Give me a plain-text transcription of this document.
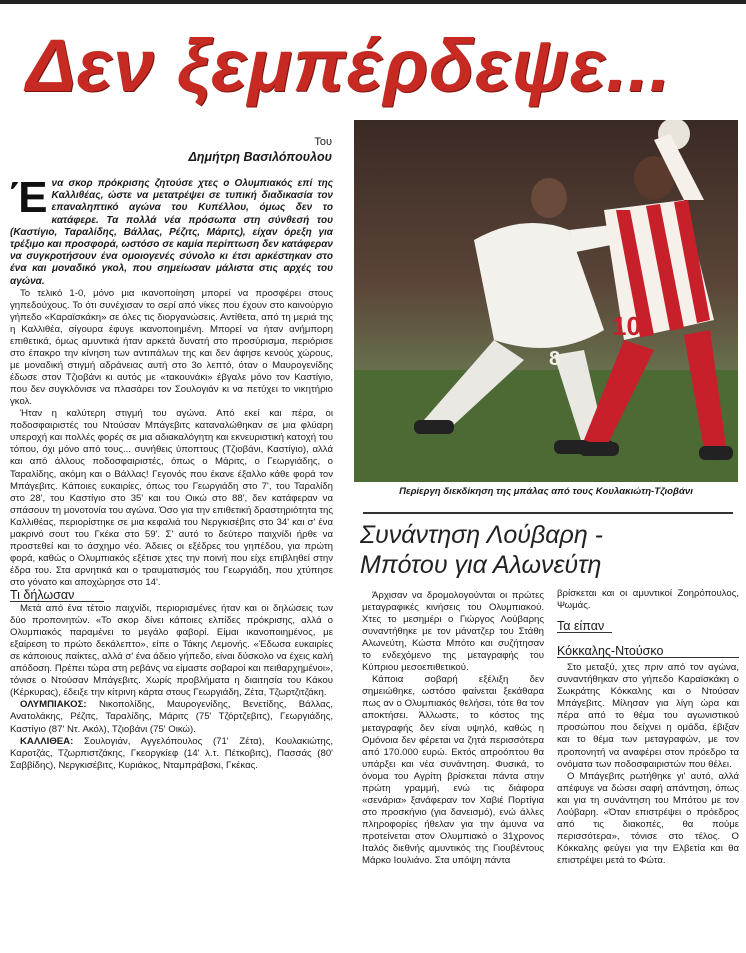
Δεν ξεμπέρδεψε...
Του
Δημήτρη Βασιλόπουλου

Ένα σκορ πρόκρισης ζητούσε χτες ο Ολυμπιακός επί της Καλλιθέας, ώστε να μετατρέψει σε τυπική διαδικασία τον επαναληπτικό αγώνα του Κυπέλλου, όμως δεν το κατάφερε. Τα πολλά νέα πρόσωπα στη σύνθεσή του (Καστίγιο, Ταραλίδης, Βάλλας, Ρέζιτς, Μάριτς), είχαν όρεξη για τρέξιμο και προσφορά, ωστόσο σε καμία περίπτωση δεν κατάφεραν να συγκροτήσουν ένα ομοιογενές σύνολο κι έτσι αρκέστηκαν στο ένα και μοναδικό γκολ, που σημείωσαν μάλιστα στις αρχές του αγώνα.

Το τελικό 1-0, μόνο μια ικανοποίηση μπορεί να προσφέρει στους γηπεδούχους. Το ότι συνέχισαν το σερί από νίκες που έχουν στο καινούργιο γήπεδο «Καραϊσκάκη» σε όλες τις διοργανώσεις. Αντίθετα, από τη μεριά της η Καλλιθέα, σίγουρα έφυγε ικανοποιημένη. Μπορεί να ήταν ανήμπορη επιθετικά, όμως αμυντικά ήταν αρκετά δυνατή στο προσύρισμα, περιόρισε στο έπακρο την κίνηση των αντιπάλων της και δεν άφησε κενούς χώρους, με μοναδική στιγμή αδράνειας αυτή στο 3ο λεπτό, όταν ο Μαυρογενίδης έδωσε στον Τζιοβάνι κι αυτός με «τακουνάκι» έβγαλε μόνο τον Καστίγιο, που δεν συγκλόνισε να πλασάρει τον Σουλογιάν κι να πετύχει το νικητήριο γκολ.

Ήταν η καλύτερη στιγμή του αγώνα. Από εκεί και πέρα, οι ποδοσφαιριστές του Ντούσαν Μπάγεβιτς καταναλώθηκαν σε μια φλύαρη υπεροχή και πολλές φορές σε μια αδιακαλόγητη και εκνευριστική κατοχή του τόπου, όχι μόνο από τους... συνήθεις ύποπτους (Τζιοβάνι, Καστίγιο), αλλά και από άλλους ποδοσφαιριστές, όπως ο Μάριτς, ο Γεωργιάδης, ο Ταραλίδης, ακόμη και ο Βάλλας! Γεγονός που έκανε έξαλλο κάθε φορά τον Μπάγεβιτς. Κάποιες ευκαιρίες, όπως του Γεωργιάδη στο 7', του Ταραλίδη στο 28', του Καστίγιο στο 35' και του Οικώ στο 88', δεν κατάφεραν να σπάσουν τη μονοτονία του αγώνα. Όσο για την επιθετική δραστηριότητα της Καλλιθέας, περιορίστηκε σε μια κεφαλιά του Νεργκισέβιτς στο 34' και σ' ένα μακρινό σουτ του Γκέκα στο 59'. Σ' αυτό το δεύτερο παιχνίδι ήρθε να προστεθεί και το άσχημο νέο. Άδειες οι εξέδρες του γηπέδου, για πρώτη φορά, καθώς ο Ολυμπιακός εξέτισε χτες την ποινή που είχε επιβληθεί στην έδρα του. Στα αρνητικά και ο τραυματισμός του Γεωργιάδη, που χτύπησε στο γόνατο και αποχώρησε στο 14'.

Τι δήλωσαν

Μετά από ένα τέτοιο παιχνίδι, περιορισμένες ήταν και οι δηλώσεις των δύο προπονητών. «Το σκορ δίνει κάποιες ελπίδες πρόκρισης, αλλά ο Ολυμπιακός παραμένει το μεγάλο φαβορί. Είμαι ικανοποιημένος, με εξαίρεση το πρώτο δεκάλεπτο», είπε ο Τάκης Λεμονής. «Έδωσα ευκαιρίες σε κάποιους παίκτες, αλλά σ' ένα άδειο γήπεδο, είναι δύσκολο να έχεις καλή απόδοση. Πρέπει τώρα στη ρεβάνς να είμαστε σοβαροί και πειθαρχημένοι», τόνισε ο Ντούσαν Μπάγεβιτς. Χωρίς προβλήματα η διαιτησία του Κάκου (Κέρκυρας), έδειξε την κίτρινη κάρτα στους Γεωργιάδη, Ζέτα, Τζωρτζιτζάκη.

ΟΛΥΜΠΙΑΚΟΣ: Νικοπολίδης, Μαυρογενίδης, Βενετίδης, Βάλλας, Ανατολάκης, Ρέζιτς, Ταραλίδης, Μάριτς (75' Τζόρτζεβιτς), Γεωργιάδης, Καστίγιο (87' Ντ. Ακόλ), Τζιοβάνι (75' Οικώ).

ΚΑΛΛΙΘΕΑ: Σουλογιάν, Αγγελόπουλος (71' Ζέτα), Κουλακιώτης, Καροτζάς, Τζωρπιστζάκης, Γκεοργκίεφ (14' λ.τ. Πέτκοβιτς), Πασσάς (80' Σαββίδης), Νεργκισέβιτς, Κυριάκος, Νταμπράβσκι, Γκέκας.

10
8
Περίεργη διεκδίκηση της μπάλας από τους Κουλακιώτη-Τζιοβάνι
Συνάντηση Λούβαρη -
Μπότου για Αλωνεύτη

Άρχισαν να δρομολογούνται οι πρώτες μεταγραφικές κινήσεις του Ολυμπιακού. Χτες το μεσημέρι ο Γιώργος Λούβαρης συναντήθηκε με τον μάνατζερ του Στάθη Αλωνεύτη, Κώστα Μπότο και συζήτησαν το ενδεχόμενο της μεταγραφής του Κύπριου μεσοεπιθετικού.

Κάποια σοβαρή εξέλιξη δεν σημειώθηκε, ωστόσο φαίνεται ξεκάθαρα πως αν ο Ολυμπιακός θελήσει, τότε θα τον αποκτήσει. Άλλωστε, το κόστος της μεταγραφής δεν είναι υψηλό, καθώς η Ομόνοια δεν φέρεται να ζητά περισσότερα από 170.000 ευρώ. Εκτός απροόπτου θα υπάρξει και νέα συνάντηση. Φυσικά, το όνομα του Αγρίτη βρίσκεται πάντα στην πρώτη γραμμή, ενώ τις διάφορα «σενάρια» ξανάφεραν τον Χαβιέ Πορτίγια στο προσκήνιο (για δανεισμό), ενώ άλλες πληροφορίες ήθελαν για την άμυνα να προτείνεται στον Ολυμπιακό ο 31χρονος Ιταλός διεθνής αμυντικός της Γιουβέντους Μάρκο Ιουλιάνο. Στα υπόψη πάντα

βρίσκεται και οι αμυντικοί Ζοηρόπουλος, Ψωμάς.

Τα είπαν

Κόκκαλης-Ντούσκο

Στο μεταξύ, χτες πριν από τον αγώνα, συναντήθηκαν στο γήπεδο Καραϊσκάκη ο Σωκράτης Κόκκαλης και ο Ντούσαν Μπάγεβιτς. Μίλησαν για λίγη ώρα και πέρα από το θέμα του αγωνιστικού προσώπου που δείχνει η ομάδα, έβιξαν και το θέμα των μεταγραφών, με τον προπονητή να αναφέρει στον πρόεδρο τα ονόματα των ποδοσφαιριστών που θέλει.

Ο Μπάγεβιτς ρωτήθηκε γι' αυτό, αλλά απέφυγε να δώσει σαφή απάντηση, όπως και για τη συνάντηση του Μπότου με τον Λούβαρη. «Όταν επιστρέψει ο πρόεδρος από τις διακοπές, θα πούμε περισσότερα», τόνισε στο τέλος. Ο Κόκκαλης φεύγει για την Ελβετία και θα επιστρέψει μετά το Φώτα.
